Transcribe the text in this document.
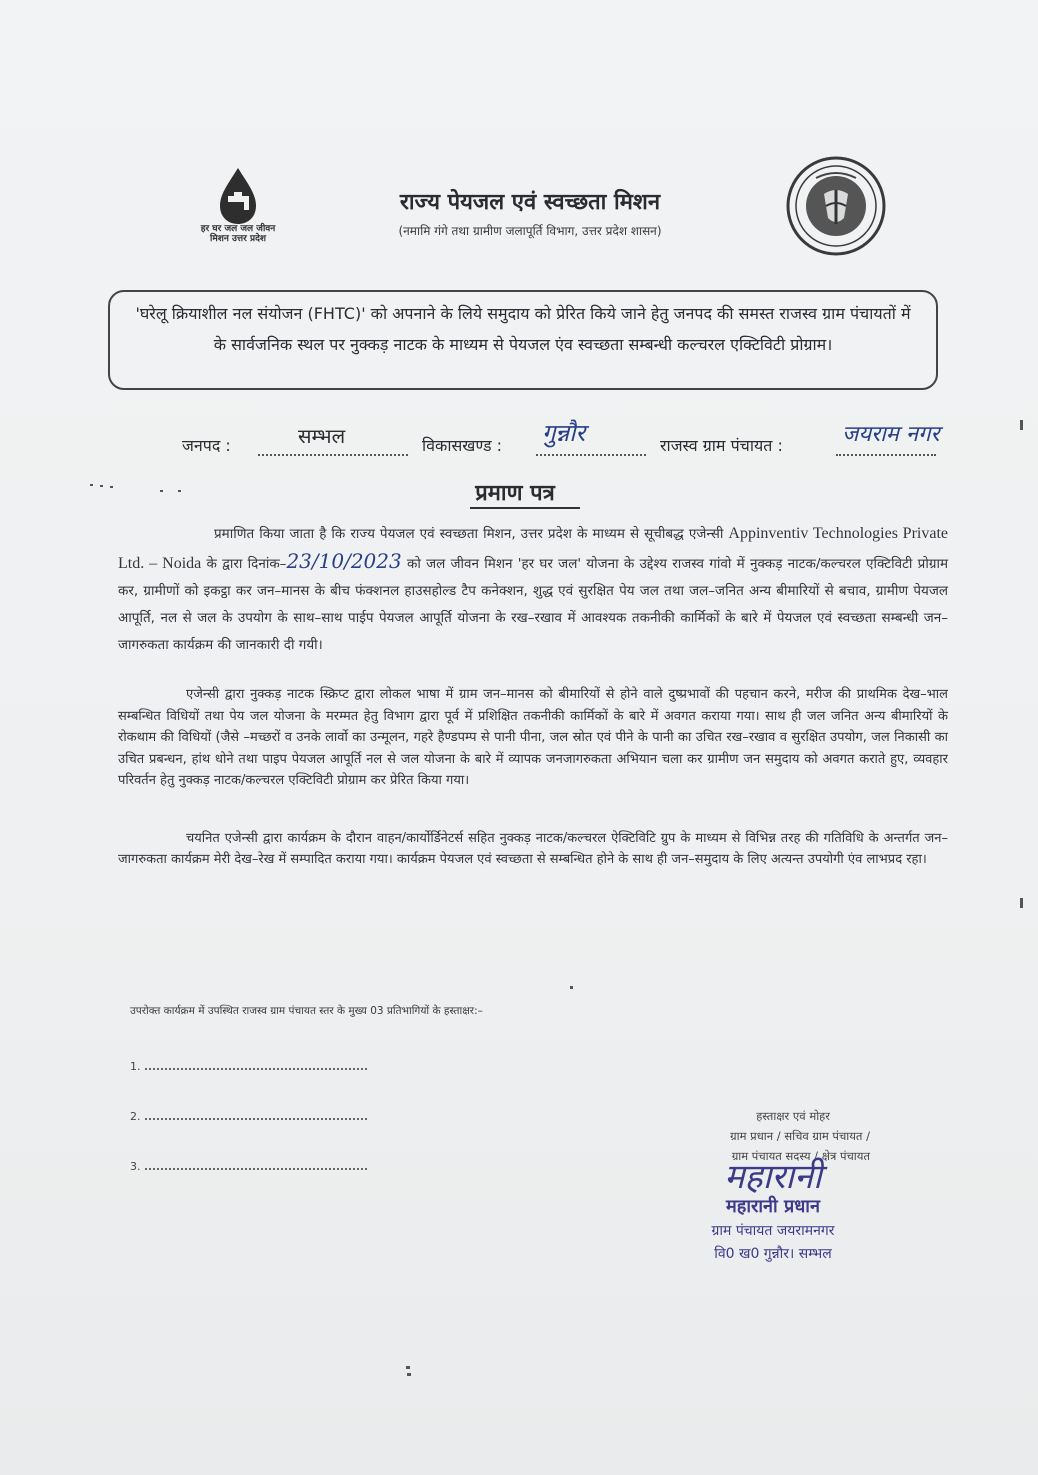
हर घर जल जल जीवन मिशन उत्तर प्रदेश
राज्य पेयजल एवं स्वच्छता मिशन
(नमामि गंगे तथा ग्रामीण जलापूर्ति विभाग, उत्तर प्रदेश शासन)
'घरेलू क्रियाशील नल संयोजन (FHTC)' को अपनाने के लिये समुदाय को प्रेरित किये जाने हेतु जनपद की समस्त राजस्व ग्राम पंचायतों में के सार्वजनिक स्थल पर नुक्कड़ नाटक के माध्यम से पेयजल एंव स्वच्छता सम्बन्धी कल्चरल एक्टिविटी प्रोग्राम।
जनपद :	सम्भल	विकासखण्ड : गुन्नौर	राजस्व ग्राम पंचायत :	जयराम नगर
प्रमाण पत्र
प्रमाणित किया जाता है कि राज्य पेयजल एवं स्वच्छता मिशन, उत्तर प्रदेश के माध्यम से सूचीबद्ध एजेन्सी Appinventiv Technologies Private Ltd. – Noida के द्वारा दिनांक–23/10/2023 को जल जीवन मिशन 'हर घर जल' योजना के उद्देश्य राजस्व गांवो में नुक्कड़ नाटक/कल्चरल एक्टिविटी प्रोग्राम कर, ग्रामीणों को इकट्ठा कर जन–मानस के बीच फंक्शनल हाउसहोल्ड टैप कनेक्शन, शुद्ध एवं सुरक्षित पेय जल तथा जल–जनित अन्य बीमारियों से बचाव, ग्रामीण पेयजल आपूर्ति, नल से जल के उपयोग के साथ–साथ पाईप पेयजल आपूर्ति योजना के रख–रखाव में आवश्यक तकनीकी कार्मिकों के बारे में पेयजल एवं स्वच्छता सम्बन्धी जन–जागरुकता कार्यक्रम की जानकारी दी गयी।
एजेन्सी द्वारा नुक्कड़ नाटक स्क्रिप्ट द्वारा लोकल भाषा में ग्राम जन–मानस को बीमारियों से होने वाले दुष्प्रभावों की पहचान करने, मरीज की प्राथमिक देख–भाल सम्बन्धित विधियों तथा पेय जल योजना के मरम्मत हेतु विभाग द्वारा पूर्व में प्रशिक्षित तकनीकी कार्मिकों के बारे में अवगत कराया गया। साथ ही जल जनित अन्य बीमारियों के रोकथाम की विधियों (जैसे –मच्छरों व उनके लार्वो का उन्मूलन, गहरे हैण्डपम्प से पानी पीना, जल स्रोत एवं पीने के पानी का उचित रख–रखाव व सुरक्षित उपयोग, जल निकासी का उचित प्रबन्धन, हांथ धोने तथा पाइप पेयजल आपूर्ति नल से जल योजना के बारे में व्यापक जनजागरुकता अभियान चला कर ग्रामीण जन समुदाय को अवगत कराते हुए, व्यवहार परिवर्तन हेतु नुक्कड़ नाटक/कल्चरल एक्टिविटी प्रोग्राम कर प्रेरित किया गया।
चयनित एजेन्सी द्वारा कार्यक्रम के दौरान वाहन/कार्योर्डिनेटर्स सहित नुक्कड़ नाटक/कल्चरल ऐक्टिविटि ग्रुप के माध्यम से विभिन्न तरह की गतिविधि के अन्तर्गत जन–जागरुकता कार्यक्रम मेरी देख–रेख में सम्पादित कराया गया। कार्यक्रम पेयजल एवं स्वच्छता से सम्बन्धित होने के साथ ही जन–समुदाय के लिए अत्यन्त उपयोगी एंव लाभप्रद रहा।
उपरोक्त कार्यक्रम में उपस्थित राजस्व ग्राम पंचायत स्तर के मुख्य 03 प्रतिभागियों के हस्ताक्षर:–
1.
2.
3.
हस्ताक्षर एवं मोहर
ग्राम प्रधान / सचिव ग्राम पंचायत /
ग्राम पंचायत सदस्य / क्षेत्र पंचायत
महारानी
महारानी प्रधान
ग्राम पंचायत जयरामनगर
वि0 ख0 गुन्नौर। सम्भल
